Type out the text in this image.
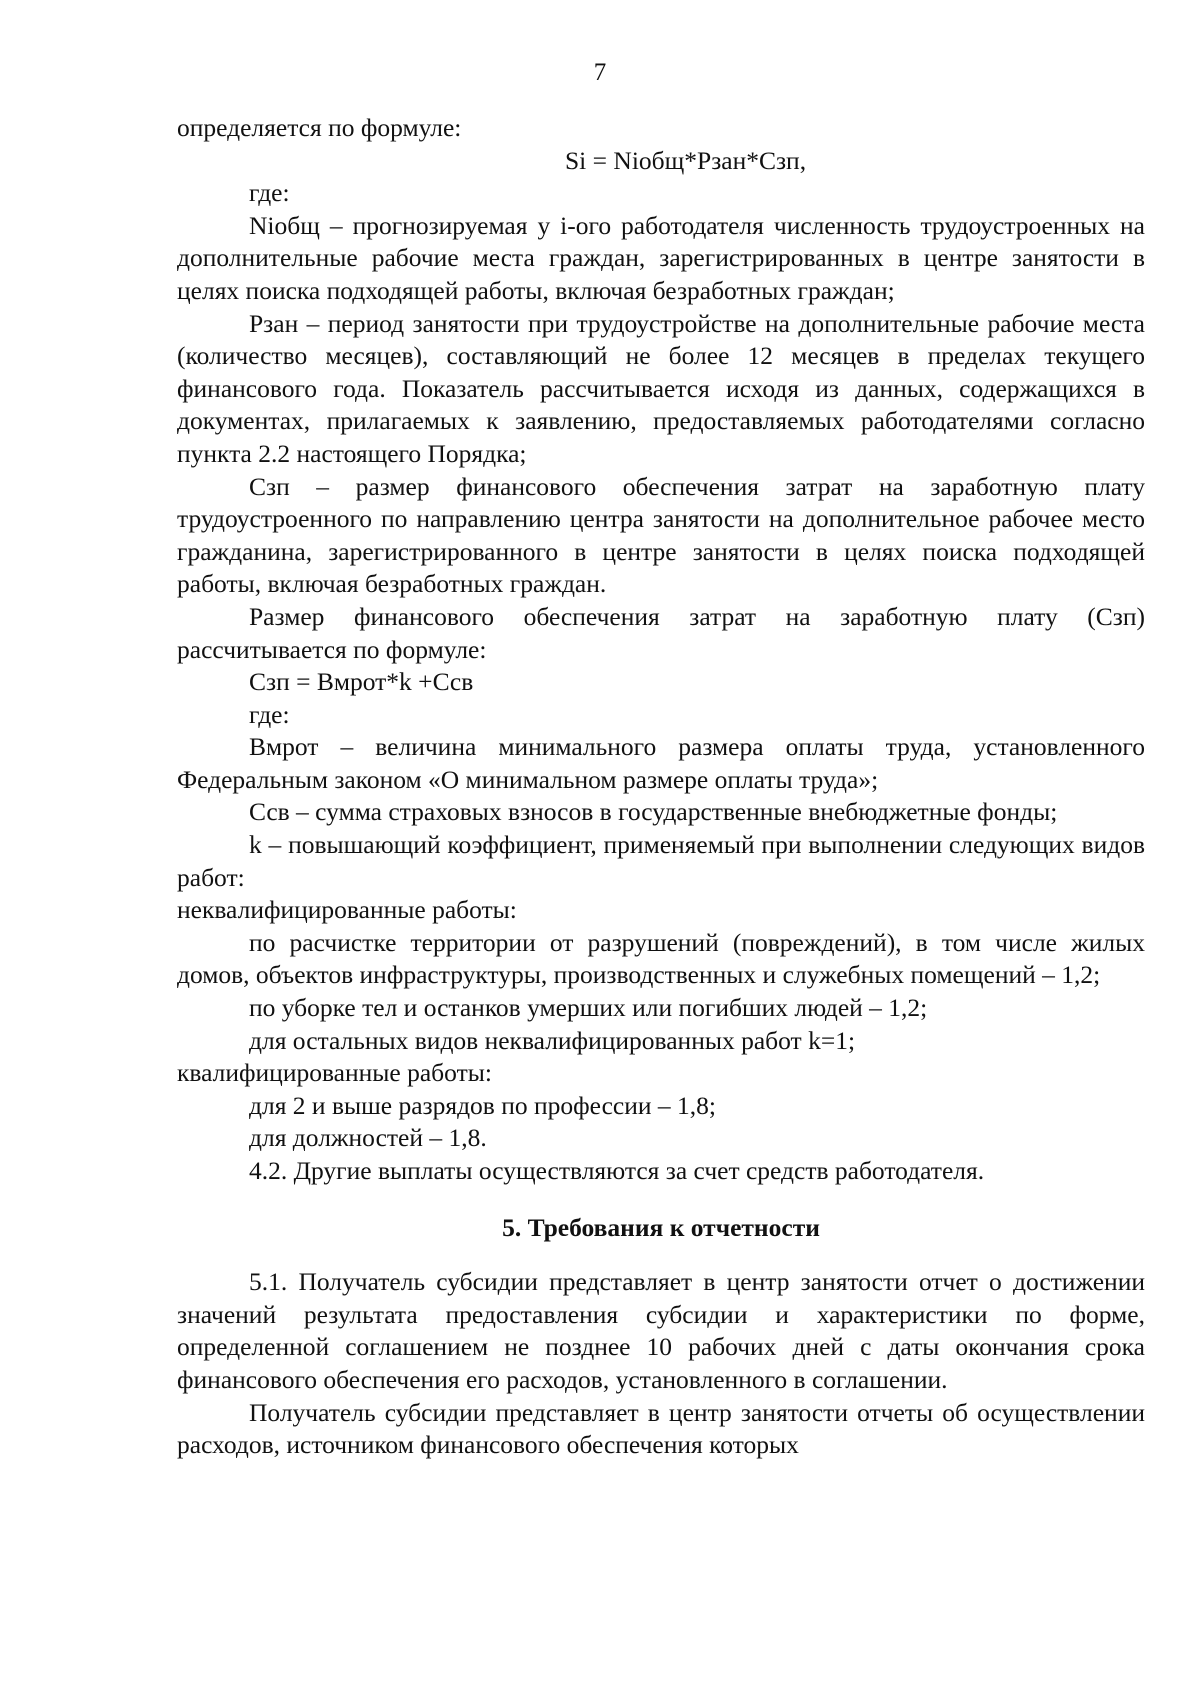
7

определяется по формуле:

Si = Niобщ*Рзан*Сзп,

где:

Niобщ – прогнозируемая у i-ого работодателя численность трудоустроенных на дополнительные рабочие места граждан, зарегистрированных в центре занятости в целях поиска подходящей работы, включая безработных граждан;

Рзан – период занятости при трудоустройстве на дополнительные рабочие места (количество месяцев), составляющий не более 12 месяцев в пределах текущего финансового года. Показатель рассчитывается исходя из данных, содержащихся в документах, прилагаемых к заявлению, предоставляемых работодателями согласно пункта 2.2 настоящего Порядка;

Сзп – размер финансового обеспечения затрат на заработную плату трудоустроенного по направлению центра занятости на дополнительное рабочее место гражданина, зарегистрированного в центре занятости в целях поиска подходящей работы, включая безработных граждан.

Размер финансового обеспечения затрат на заработную плату (Сзп) рассчитывается по формуле:

Сзп = Вмрот*k +Ссв

где:

Вмрот – величина минимального размера оплаты труда, установленного Федеральным законом «О минимальном размере оплаты труда»;

Ссв – сумма страховых взносов в государственные внебюджетные фонды;

k – повышающий коэффициент, применяемый при выполнении следующих видов работ:

неквалифицированные работы:

по расчистке территории от разрушений (повреждений), в том числе жилых домов, объектов инфраструктуры, производственных и служебных помещений – 1,2;

по уборке тел и останков умерших или погибших людей – 1,2;

для остальных видов неквалифицированных работ k=1;

квалифицированные работы:

для 2 и выше разрядов по профессии – 1,8;

для должностей – 1,8.

4.2. Другие выплаты осуществляются за счет средств работодателя.

5. Требования к отчетности

5.1. Получатель субсидии представляет в центр занятости отчет о достижении значений результата предоставления субсидии и характеристики по форме, определенной соглашением не позднее 10 рабочих дней с даты окончания срока финансового обеспечения его расходов, установленного в соглашении.

Получатель субсидии представляет в центр занятости отчеты об осуществлении расходов, источником финансового обеспечения которых
